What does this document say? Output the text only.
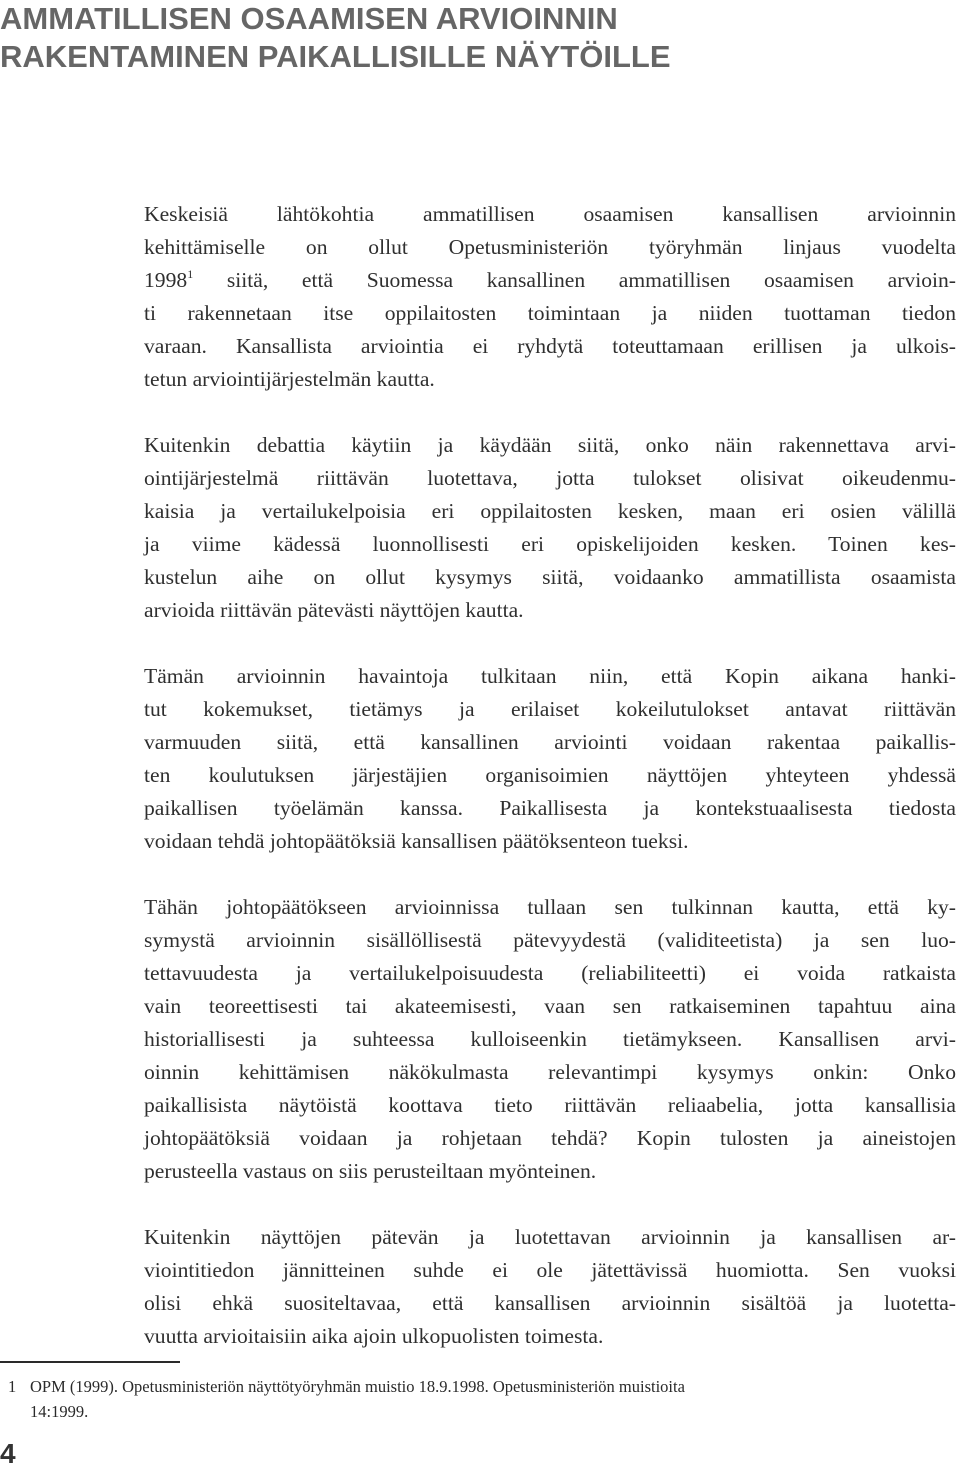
AMMATILLISEN OSAAMISEN ARVIOINNIN
RAKENTAMINEN PAIKALLISILLE NÄYTÖILLE

Keskeisiä lähtökohtia ammatillisen osaamisen kansallisen arvioinnin
kehittämiselle on ollut Opetusministeriön työryhmän linjaus vuodelta
1998$^1$ siitä, että Suomessa kansallinen ammatillisen osaamisen arvioin-
ti rakennetaan itse oppilaitosten toimintaan ja niiden tuottaman tiedon
varaan. Kansallista arviointia ei ryhdytä toteuttamaan erillisen ja ulkois-
tetun arviointijärjestelmän kautta.

Kuitenkin debattia käytiin ja käydään siitä, onko näin rakennettava arvi-
ointijärjestelmä riittävän luotettava, jotta tulokset olisivat oikeudenmu-
kaisia ja vertailukelpoisia eri oppilaitosten kesken, maan eri osien välillä
ja viime kädessä luonnollisesti eri opiskelijoiden kesken. Toinen kes-
kustelun aihe on ollut kysymys siitä, voidaanko ammatillista osaamista
arvioida riittävän pätevästi näyttöjen kautta.

Tämän arvioinnin havaintoja tulkitaan niin, että Kopin aikana hanki-
tut kokemukset, tietämys ja erilaiset kokeilutulokset antavat riittävän
varmuuden siitä, että kansallinen arviointi voidaan rakentaa paikallis-
ten koulutuksen järjestäjien organisoimien näyttöjen yhteyteen yhdessä
paikallisen työelämän kanssa. Paikallisesta ja kontekstuaalisesta tiedosta
voidaan tehdä johtopäätöksiä kansallisen päätöksenteon tueksi.

Tähän johtopäätökseen arvioinnissa tullaan sen tulkinnan kautta, että ky-
symystä arvioinnin sisällöllisestä pätevyydestä (validiteetista) ja sen luo-
tettavuudesta ja vertailukelpoisuudesta (reliabiliteetti) ei voida ratkaista
vain teoreettisesti tai akateemisesti, vaan sen ratkaiseminen tapahtuu aina
historiallisesti ja suhteessa kulloiseenkin tietämykseen. Kansallisen arvi-
oinnin kehittämisen näkökulmasta relevantimpi kysymys onkin: Onko
paikallisista näytöistä koottava tieto riittävän reliaabelia, jotta kansallisia
johtopäätöksiä voidaan ja rohjetaan tehdä? Kopin tulosten ja aineistojen
perusteella vastaus on siis perusteiltaan myönteinen.

Kuitenkin näyttöjen pätevän ja luotettavan arvioinnin ja kansallisen ar-
viointitiedon jännitteinen suhde ei ole jätettävissä huomiotta. Sen vuoksi
olisi ehkä suositeltavaa, että kansallisen arvioinnin sisältöä ja luotetta-
vuutta arvioitaisiin aika ajoin ulkopuolisten toimesta.

1 OPM (1999). Opetusministeriön näyttötyöryhmän muistio 18.9.1998. Opetusministeriön muistioita
14:1999.
4
